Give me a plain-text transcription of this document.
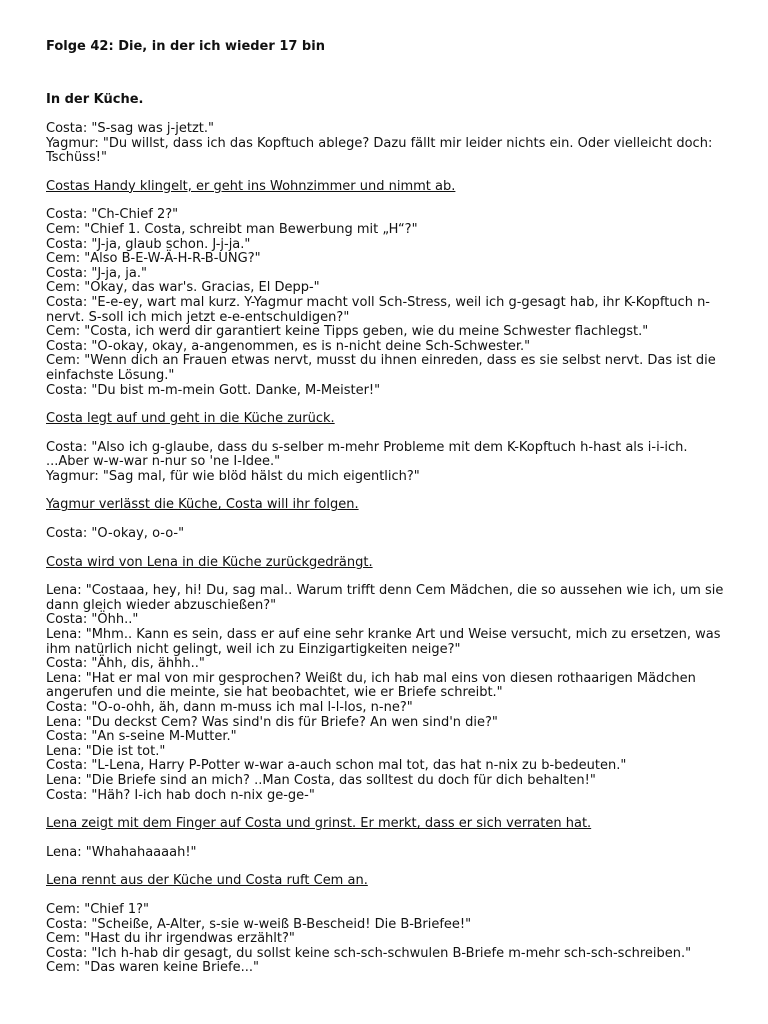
Folge 42: Die, in der ich wieder 17 bin
In der Küche.
Costa: "S-sag was j-jetzt."
Yagmur: "Du willst, dass ich das Kopftuch ablege? Dazu fällt mir leider nichts ein. Oder vielleicht doch:
Tschüss!"
Costas Handy klingelt, er geht ins Wohnzimmer und nimmt ab.
Costa: "Ch-Chief 2?"
Cem: "Chief 1. Costa, schreibt man Bewerbung mit „H“?"
Costa: "J-ja, glaub schon. J-j-ja."
Cem: "Also B-E-W-Ä-H-R-B-UNG?"
Costa: "J-ja, ja."
Cem: "Okay, das war's. Gracias, El Depp-"
Costa: "E-e-ey, wart mal kurz. Y-Yagmur macht voll Sch-Stress, weil ich g-gesagt hab, ihr K-Kopftuch n-
nervt. S-soll ich mich jetzt e-e-entschuldigen?"
Cem: "Costa, ich werd dir garantiert keine Tipps geben, wie du meine Schwester flachlegst."
Costa: "O-okay, okay, a-angenommen, es is n-nicht deine Sch-Schwester."
Cem: "Wenn dich an Frauen etwas nervt, musst du ihnen einreden, dass es sie selbst nervt. Das ist die
einfachste Lösung."
Costa: "Du bist m-m-mein Gott. Danke, M-Meister!"
Costa legt auf und geht in die Küche zurück.
Costa: "Also ich g-glaube, dass du s-selber m-mehr Probleme mit dem K-Kopftuch h-hast als i-i-ich.
...Aber w-w-war n-nur so 'ne I-Idee."
Yagmur: "Sag mal, für wie blöd hälst du mich eigentlich?"
Yagmur verlässt die Küche, Costa will ihr folgen.
Costa: "O-okay, o-o-"
Costa wird von Lena in die Küche zurückgedrängt.
Lena: "Costaaa, hey, hi! Du, sag mal.. Warum trifft denn Cem Mädchen, die so aussehen wie ich, um sie
dann gleich wieder abzuschießen?"
Costa: "Öhh.."
Lena: "Mhm.. Kann es sein, dass er auf eine sehr kranke Art und Weise versucht, mich zu ersetzen, was
ihm natürlich nicht gelingt, weil ich zu Einzigartigkeiten neige?"
Costa: "Ähh, dis, ähhh.."
Lena: "Hat er mal von mir gesprochen? Weißt du, ich hab mal eins von diesen rothaarigen Mädchen
angerufen und die meinte, sie hat beobachtet, wie er Briefe schreibt."
Costa: "O-o-ohh, äh, dann m-muss ich mal l-l-los, n-ne?"
Lena: "Du deckst Cem? Was sind'n dis für Briefe? An wen sind'n die?"
Costa: "An s-seine M-Mutter."
Lena: "Die ist tot."
Costa: "L-Lena, Harry P-Potter w-war a-auch schon mal tot, das hat n-nix zu b-bedeuten."
Lena: "Die Briefe sind an mich? ..Man Costa, das solltest du doch für dich behalten!"
Costa: "Häh? I-ich hab doch n-nix ge-ge-"
Lena zeigt mit dem Finger auf Costa und grinst. Er merkt, dass er sich verraten hat.
Lena: "Whahahaaaah!"
Lena rennt aus der Küche und Costa ruft Cem an.
Cem: "Chief 1?"
Costa: "Scheiße, A-Alter, s-sie w-weiß B-Bescheid! Die B-Briefee!"
Cem: "Hast du ihr irgendwas erzählt?"
Costa: "Ich h-hab dir gesagt, du sollst keine sch-sch-schwulen B-Briefe m-mehr sch-sch-schreiben."
Cem: "Das waren keine Briefe..."
